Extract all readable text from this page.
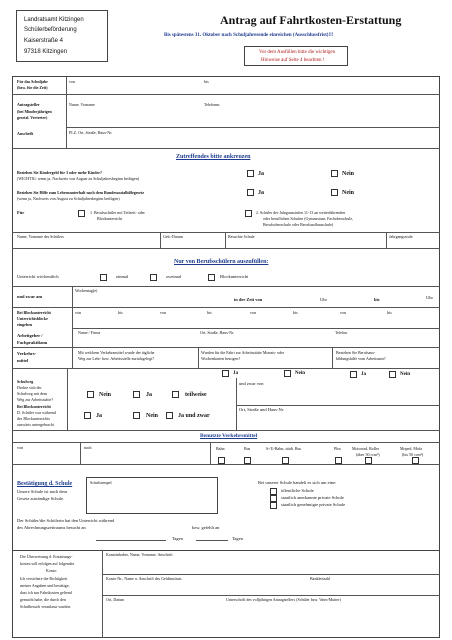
Landratsamt Kitzingen
Schülerbeförderung
Kaiserstraße 4
97318 Kitzingen
Antrag auf Fahrtkosten-Erstattung
Bis spätestens 31. Oktober nach Schuljahresende einreichen (Ausschlussfrist)!!!
Vor dem Ausfüllen bitte die wichtigen
Hinweise auf Seite 4 beachten !
Für das Schuljahr
(bzw. für die Zeit)
von	bis
Antragsteller
(bei Minderjährigen
gesetzl. Vertreter)
Name, Vorname	Telefonnr.
Anschrift	PLZ, Ort, Straße, Haus-Nr.
Zutreffendes bitte ankreuzen
Beziehen Sie Kindergeld für 3 oder mehr Kinder?
(WICHTIG: wenn ja, Nachweis von August zu Schuljahresbeginn beifügen)
Ja	Nein
Beziehen Sie Hilfe zum Lebensunterhalt nach dem Bundessozialhilfegesetz
(wenn ja, Nachweis von August zu Schuljahresbeginn beifügen)
Ja	Nein
Für	1. Berufsschüler mit Teilzeit- oder
Blockunterricht
2. Schüler der Jahrgansstufen 11-13 an weiterführenden
oder beruflichen Schulen (Gymnasium, Fachoberschule,
Berufsoberschule oder Berufsaufbauschule)
Name, Vorname des Schülers	Geb.-Datum	Besuchte Schule	Jahrgangsstufe
Nur von Berufsschülern auszufüllen:
Unterricht wöchentlich	einmal	zweimal	Blockunterricht
und zwar am
Wochentag(e)
in der Zeit von	Uhr	bis	Uhr
Bei Blockunterricht
Unterrichtsblöcke
eingeben
von	bis	von	bis	von	bis	von	bis
Name / Firma	Ort, Straße, Haus-Nr.	Telefon
Arbeitgeber /
Fachpraktikum
Verkehrs-
mittel
Mit welchem Verkehrsmittel wurde der tägliche
Weg zur Lehr- bzw. Arbeitsstelle zurückgelegt?
Wurden für die Fahrt zur Arbeitsstätte Monats- oder
Wochenkarten bezogen?
Beziehen Sie Berufsaus-
bildungshilfe vom Arbeitsamt?
Ja	Nein	Ja	Nein
Schulweg
Drohte sich der
Schulweg mit dem
Weg zur Arbeitsstätte?
Bei Blockunterricht
D. Schüler war während
des Blockunterrichts
auswärts untergebracht
Nein	Ja	teilweise
Ja	Nein	Ja und zwar
und zwar von
Ort, Straße und Haus-Nr.
Benutzte Verkehrsmittel
von	nach	Bahn	Bus	S-/U-Bahn, städt. Bus	Pkw	Motorrad, Roller
(über 50 ccm³)
Moped, Mofa
(bis 50 ccm³)
Bestätigung d. Schule
Unsere Schule ist nach dem
Gesetz zuständige Schule.
Schulstempel	Bei unserer Schule handelt es sich um eine:
öffentliche Schule
staatlich anerkannte private Schule
staatlich genehmigte private Schule
Der Schüler/die Schülerin hat den Unterricht während
des Abrechnungszeitraums besucht an	bzw. gefehlt an
Tagen	Tagen
Die Überweisung d. Erstattungs-
kosten soll erfolgen auf folgendes
Konto:
Ich versichere die Richtigkeit
meiner Angaben und bestätige,
dass ich nur Fahrtkosten geltend
gemacht habe, die durch den
Schulbesuch veranlasst wurden.
Kontoinhaber, Name, Vorname, Anschrift
Konto-Nr., Name u. Anschrift des Geldinstituts	Bankleitzahl
Ort, Datum	Unterschrift des volljährigen Antragstellers (Schüler bzw. Vater/Mutter)
